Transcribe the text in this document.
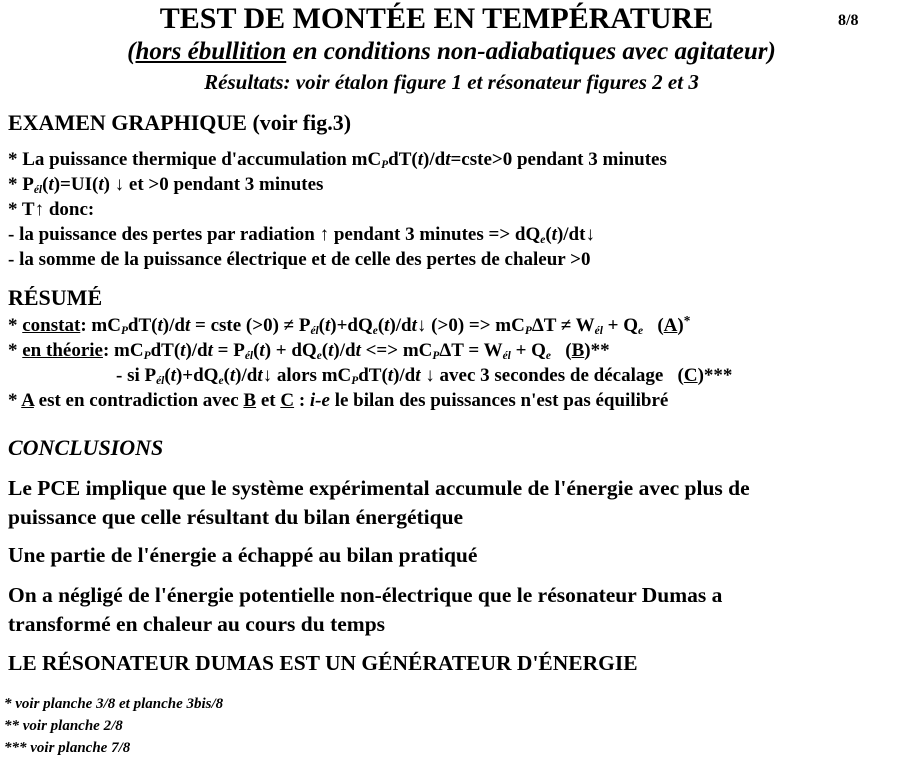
TEST DE MONTÉE EN TEMPÉRATURE	8/8
(hors ébullition en conditions non-adiabatiques avec agitateur)
Résultats: voir étalon figure 1 et résonateur figures 2 et 3
EXAMEN GRAPHIQUE (voir fig.3)
* La puissance thermique d'accumulation $mC_PdT(t)/dt=cste>0$ pendant 3 minutes
* $P_{él}(t)=UI(t)$ ↓ et >0 pendant 3 minutes
* T↑ donc:
- la puissance des pertes par radiation ↑ pendant 3 minutes => $dQ_e(t)/dt↓$
- la somme de la puissance électrique et de celle des pertes de chaleur >0
RÉSUMÉ
* constat: $mC_PdT(t)/dt$ = cste $(>0) \ne P_{él}(t)+dQ_e(t)/dt↓$ $(>0) => mC_P\Delta T \ne W_{él} + Q_e$ (A)*
* en théorie: $mC_PdT(t)/dt = P_{él}(t) + dQ_e(t)/dt$ <=> $mC_P\Delta T = W_{él} + Q_e$ (B)**
- si $P_{él}(t)+dQ_e(t)/dt↓$ alors $mC_PdT(t)/dt$ ↓ avec 3 secondes de décalage (C)***
* A est en contradiction avec B et C : i-e le bilan des puissances n'est pas équilibré
CONCLUSIONS
Le PCE implique que le système expérimental accumule de l'énergie avec plus de
puissance que celle résultant du bilan énergétique
Une partie de l'énergie a échappé au bilan pratiqué
On a négligé de l'énergie potentielle non-électrique que le résonateur Dumas a
transformé en chaleur au cours du temps
LE RÉSONATEUR DUMAS EST UN GÉNÉRATEUR D'ÉNERGIE
* voir planche 3/8 et planche 3bis/8
** voir planche 2/8
*** voir planche 7/8
